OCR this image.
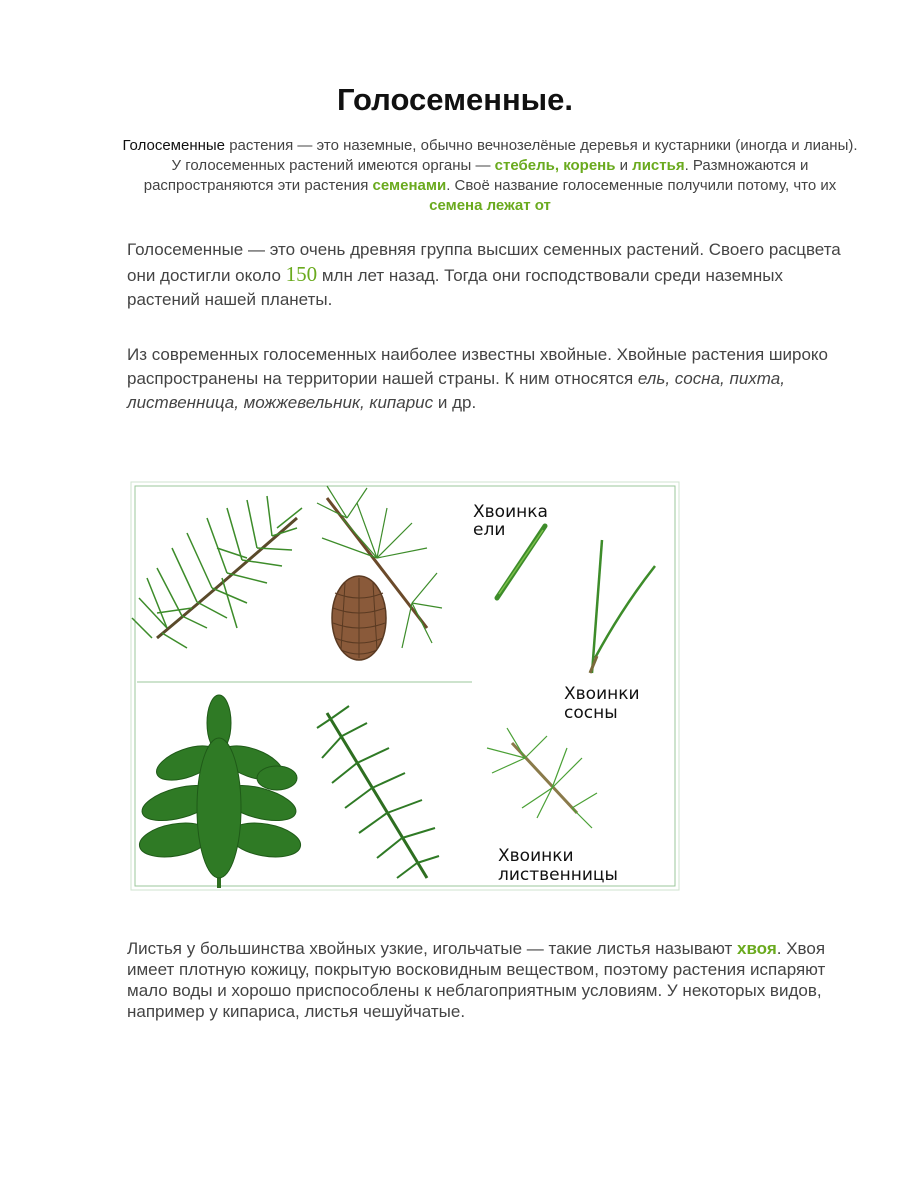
Голосеменные.
Голосеменные растения — это наземные, обычно вечнозелёные деревья и кустарники (иногда и лианы).
У голосеменных растений имеются органы — стебель, корень и листья. Размножаются и распространяются эти растения семенами. Своё название голосеменные получили потому, что их семена лежат от

Голосеменные — это очень древняя группа высших семенных растений. Своего расцвета они достигли около 150 млн лет назад. Тогда они господствовали среди наземных растений нашей планеты.

Из современных голосеменных наиболее известны хвойные. Хвойные растения широко распространены на территории нашей страны. К ним относятся ель, сосна, пихта, лиственница, можжевельник, кипарис и др.

Хвоинка
ели
Хвоинки
сосны
Хвоинки
лиственницы

Листья у большинства хвойных узкие, игольчатые — такие листья называют хвоя. Хвоя имеет плотную кожицу, покрытую восковидным веществом, поэтому растения испаряют мало воды и хорошо приспособлены к неблагоприятным условиям. У некоторых видов, например у кипариса, листья чешуйчатые.
